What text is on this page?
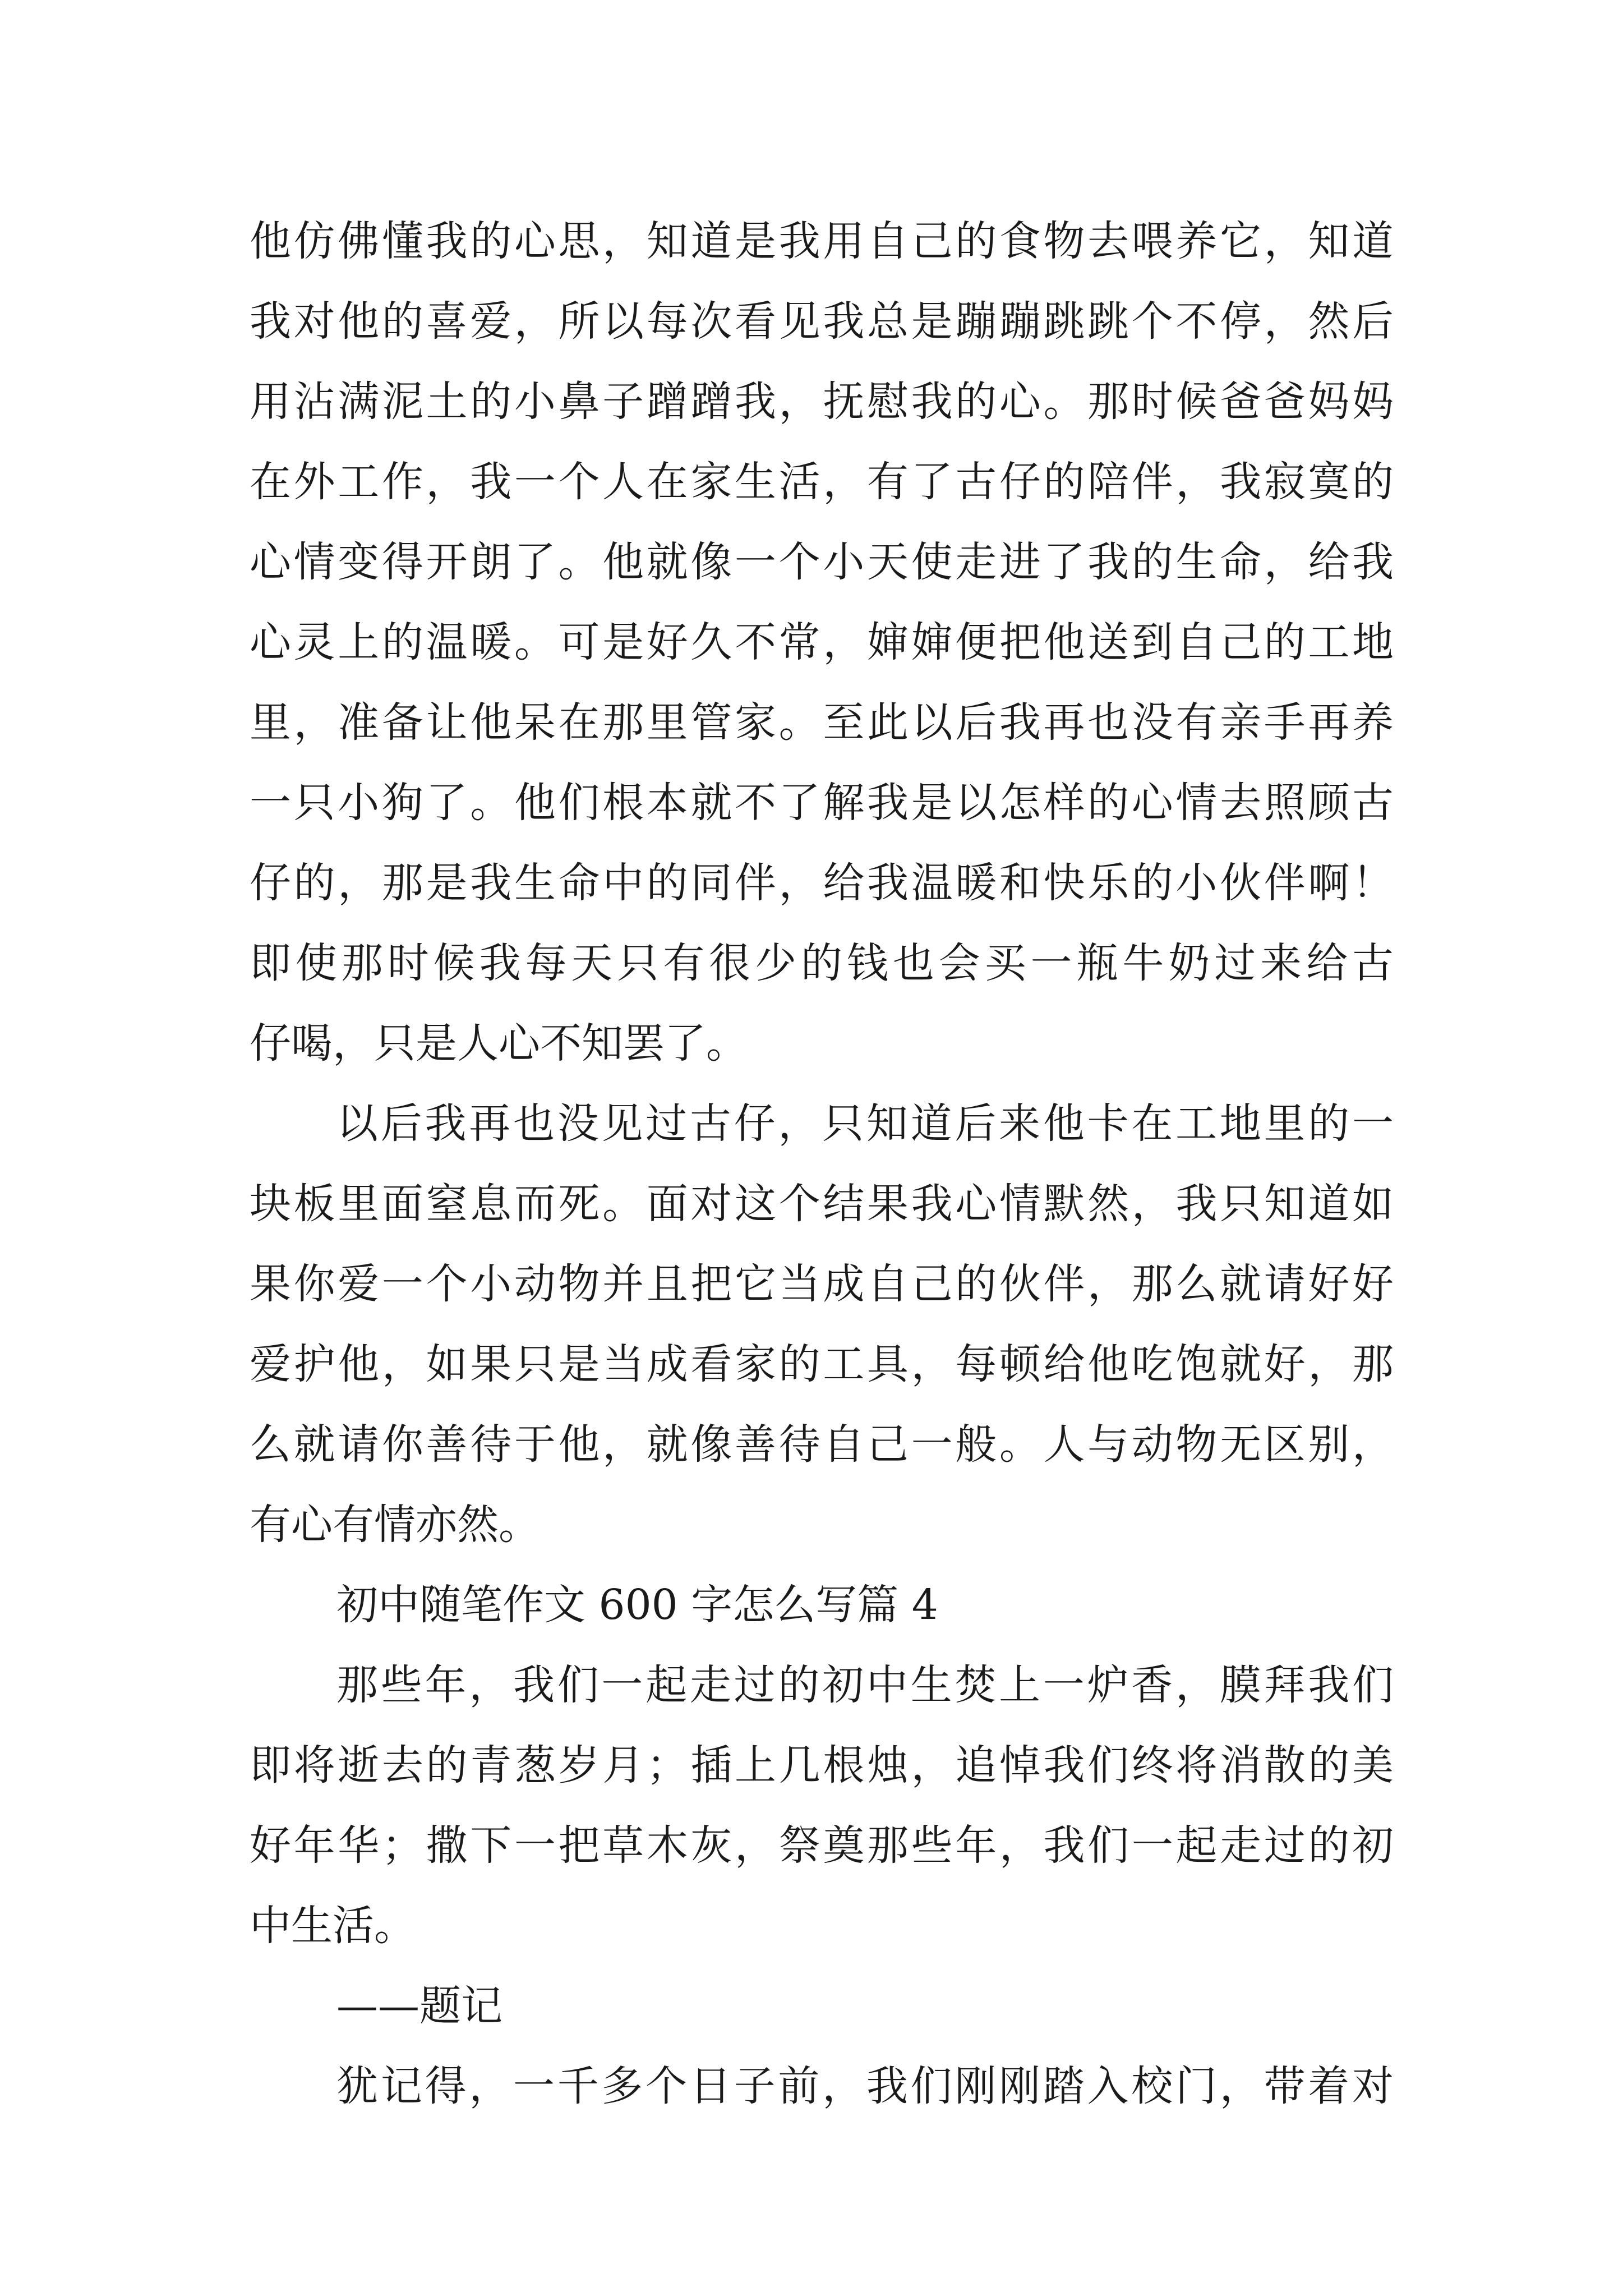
他仿佛懂我的心思，知道是我用自己的食物去喂养它，知道
我对他的喜爱，所以每次看见我总是蹦蹦跳跳个不停，然后
用沾满泥土的小鼻子蹭蹭我，抚慰我的心。那时候爸爸妈妈
在外工作，我一个人在家生活，有了古仔的陪伴，我寂寞的
心情变得开朗了。他就像一个小天使走进了我的生命，给我
心灵上的温暖。可是好久不常，婶婶便把他送到自己的工地
里，准备让他呆在那里管家。至此以后我再也没有亲手再养
一只小狗了。他们根本就不了解我是以怎样的心情去照顾古
仔的，那是我生命中的同伴，给我温暖和快乐的小伙伴啊！
即使那时候我每天只有很少的钱也会买一瓶牛奶过来给古
仔喝，只是人心不知罢了。
以后我再也没见过古仔，只知道后来他卡在工地里的一
块板里面窒息而死。面对这个结果我心情默然，我只知道如
果你爱一个小动物并且把它当成自己的伙伴，那么就请好好
爱护他，如果只是当成看家的工具，每顿给他吃饱就好，那
么就请你善待于他，就像善待自己一般。人与动物无区别，
有心有情亦然。
初中随笔作文 600 字怎么写篇 4
那些年，我们一起走过的初中生焚上一炉香，膜拜我们
即将逝去的青葱岁月；插上几根烛，追悼我们终将消散的美
好年华；撒下一把草木灰，祭奠那些年，我们一起走过的初
中生活。
——题记
犹记得，一千多个日子前，我们刚刚踏入校门，带着对
